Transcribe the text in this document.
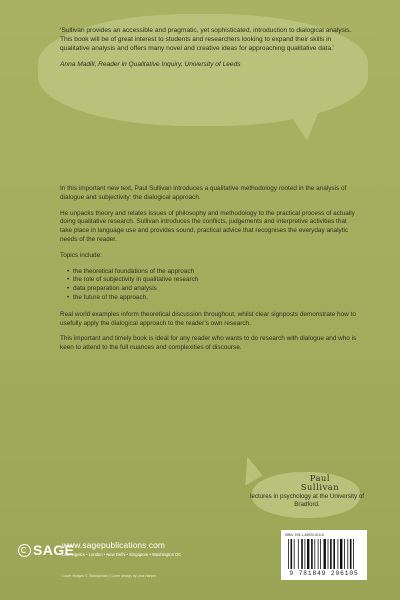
‘Sullivan provides an accessible and pragmatic, yet sophisticated, introduction to dialogical analysis. This book will be of great interest to students and researchers looking to expand their skills in qualitative analysis and offers many novel and creative ideas for approaching qualitative data.’

Anna Madill, Reader in Qualitative Inquiry, University of Leeds

In this important new text, Paul Sullivan introduces a qualitative methodology rooted in the analysis of dialogue and subjectivity: the dialogical approach.

He unpacks theory and relates issues of philosophy and methodology to the practical process of actually doing qualitative research. Sullivan introduces the conflicts, judgements and interpretive activities that take place in language use and provides sound, practical advice that recognises the everyday analytic needs of the reader.

Topics include:

• the theoretical foundations of the approach
• the role of subjectivity in qualitative research
• data preparation and analysis
• the future of the approach.

Real world examples inform theoretical discussion throughout, whilst clear signposts demonstrate how to usefully apply the dialogical approach to the reader’s own research.

This important and timely book is ideal for any reader who wants to do research with dialogue and who is keen to attend to the full nuances and complexities of discourse.

Paul
Sullivan
lectures in psychology at the University of Bradford.
SAGE
www.sagepublications.com
Los Angeles • London • New Delhi • Singapore • Washington DC
Cover images © iStockphoto | Cover design by Lisa Harper
ISBN: 978-1-84920-610-5
9 781849 206105
